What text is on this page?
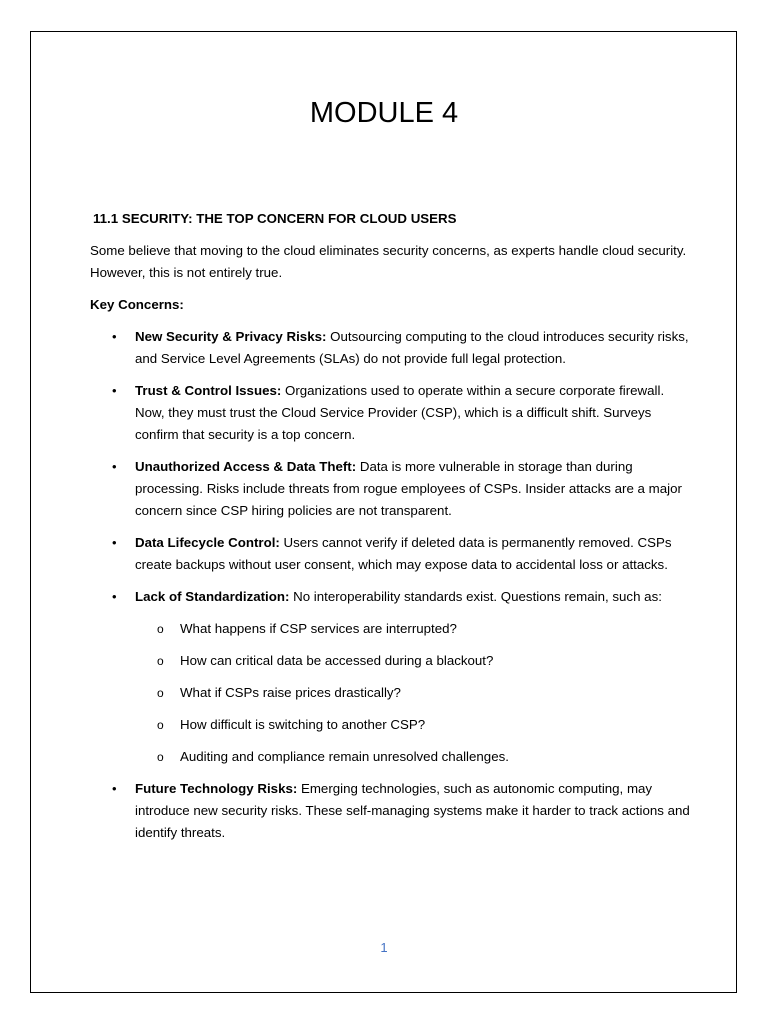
MODULE 4
11.1 SECURITY: THE TOP CONCERN FOR CLOUD USERS

Some believe that moving to the cloud eliminates security concerns, as experts handle cloud security. However, this is not entirely true.

Key Concerns:

• New Security & Privacy Risks: Outsourcing computing to the cloud introduces security risks, and Service Level Agreements (SLAs) do not provide full legal protection.
• Trust & Control Issues: Organizations used to operate within a secure corporate firewall. Now, they must trust the Cloud Service Provider (CSP), which is a difficult shift. Surveys confirm that security is a top concern.
• Unauthorized Access & Data Theft: Data is more vulnerable in storage than during processing. Risks include threats from rogue employees of CSPs. Insider attacks are a major concern since CSP hiring policies are not transparent.
• Data Lifecycle Control: Users cannot verify if deleted data is permanently removed. CSPs create backups without user consent, which may expose data to accidental loss or attacks.
• Lack of Standardization: No interoperability standards exist. Questions remain, such as:
o What happens if CSP services are interrupted?
o How can critical data be accessed during a blackout?
o What if CSPs raise prices drastically?
o How difficult is switching to another CSP?
o Auditing and compliance remain unresolved challenges.
• Future Technology Risks: Emerging technologies, such as autonomic computing, may introduce new security risks. These self-managing systems make it harder to track actions and identify threats.
1
